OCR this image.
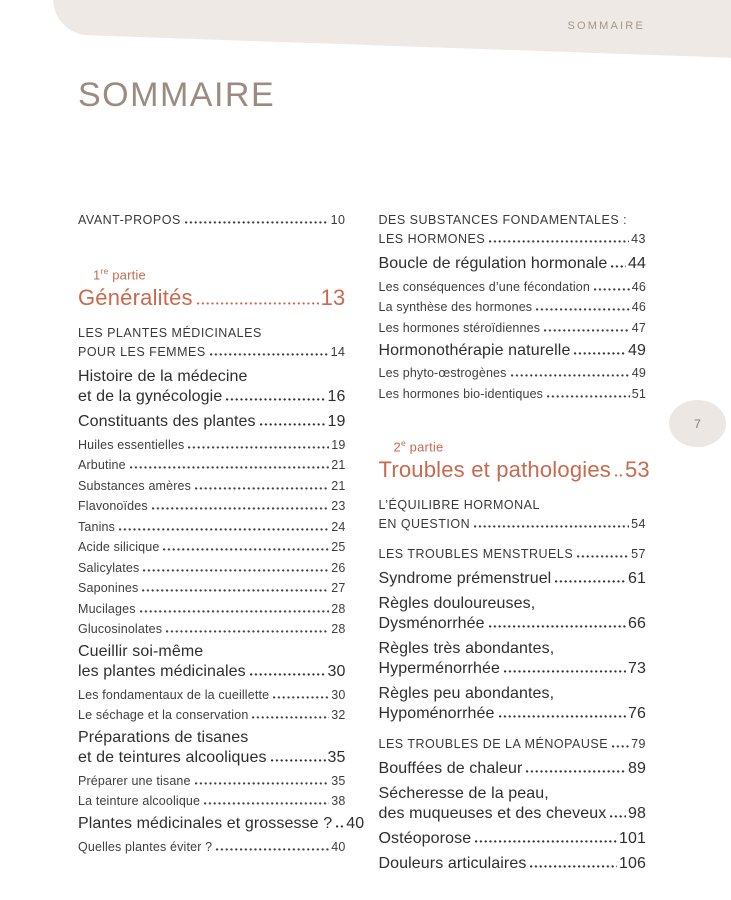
SOMMAIRE
SOMMAIRE
7
AVANT-PROPOS	10
1re partie
Généralités	13
LES PLANTES MÉDICINALES
POUR LES FEMMES	14
Histoire de la médecine
et de la gynécologie	16
Constituants des plantes	19
Huiles essentielles	19
Arbutine	21
Substances amères	21
Flavonoïdes	23
Tanins	24
Acide silicique	25
Salicylates	26
Saponines	27
Mucilages	28
Glucosinolates	28
Cueillir soi-même
les plantes médicinales	30
Les fondamentaux de la cueillette	30
Le séchage et la conservation	32
Préparations de tisanes
et de teintures alcooliques	35
Préparer une tisane	35
La teinture alcoolique	38
Plantes médicinales et grossesse ? 40
Quelles plantes éviter ?	40
DES SUBSTANCES FONDAMENTALES :
LES HORMONES	43
Boucle de régulation hormonale 44
Les conséquences d’une fécondation	46
La synthèse des hormones	46
Les hormones stéroïdiennes	47
Hormonothérapie naturelle	49
Les phyto-œstrogènes	49
Les hormones bio-identiques	51
2e partie
Troubles et pathologies 53
L’ÉQUILIBRE HORMONAL
EN QUESTION	54
LES TROUBLES MENSTRUELS	57
Syndrome prémenstruel	61
Règles douloureuses,
Dysménorrhée	66
Règles très abondantes,
Hyperménorrhée	73
Règles peu abondantes,
Hypoménorrhée	76
LES TROUBLES DE LA MÉNOPAUSE 79
Bouffées de chaleur	89
Sécheresse de la peau,
des muqueuses et des cheveux 98
Ostéoporose	101
Douleurs articulaires	106
